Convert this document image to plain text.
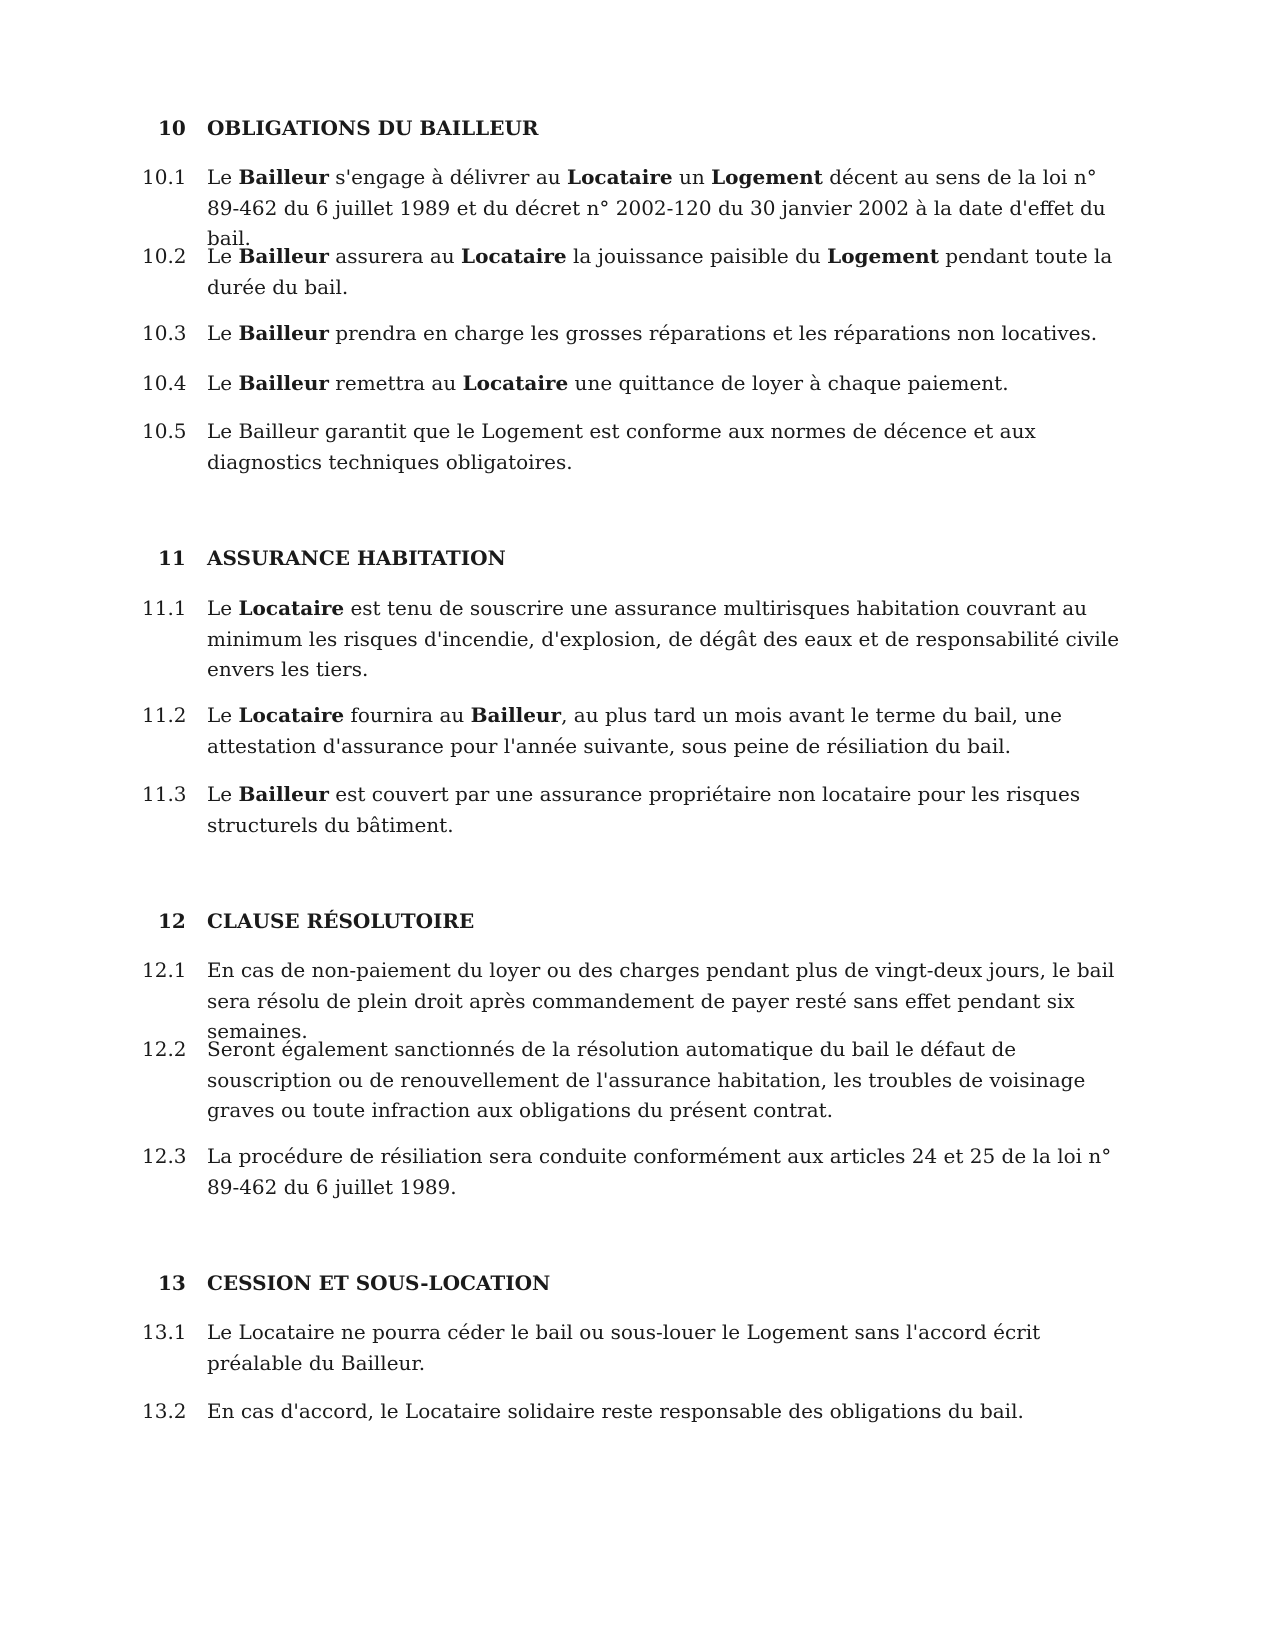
10	OBLIGATIONS DU BAILLEUR
10.1	Le Bailleur s'engage à délivrer au Locataire un Logement décent au sens de la loi n° 89-462 du 6 juillet 1989 et du décret n° 2002-120 du 30 janvier 2002 à la date d'effet du bail.
10.2	Le Bailleur assurera au Locataire la jouissance paisible du Logement pendant toute la durée du bail.
10.3	Le Bailleur prendra en charge les grosses réparations et les réparations non locatives.
10.4	Le Bailleur remettra au Locataire une quittance de loyer à chaque paiement.
10.5	Le Bailleur garantit que le Logement est conforme aux normes de décence et aux diagnostics techniques obligatoires.
11	ASSURANCE HABITATION
11.1	Le Locataire est tenu de souscrire une assurance multirisques habitation couvrant au minimum les risques d'incendie, d'explosion, de dégât des eaux et de responsabilité civile envers les tiers.
11.2	Le Locataire fournira au Bailleur, au plus tard un mois avant le terme du bail, une attestation d'assurance pour l'année suivante, sous peine de résiliation du bail.
11.3	Le Bailleur est couvert par une assurance propriétaire non locataire pour les risques structurels du bâtiment.
12	CLAUSE RÉSOLUTOIRE
12.1	En cas de non-paiement du loyer ou des charges pendant plus de vingt-deux jours, le bail sera résolu de plein droit après commandement de payer resté sans effet pendant six semaines.
12.2	Seront également sanctionnés de la résolution automatique du bail le défaut de souscription ou de renouvellement de l'assurance habitation, les troubles de voisinage graves ou toute infraction aux obligations du présent contrat.
12.3	La procédure de résiliation sera conduite conformément aux articles 24 et 25 de la loi n° 89-462 du 6 juillet 1989.
13	CESSION ET SOUS-LOCATION
13.1	Le Locataire ne pourra céder le bail ou sous-louer le Logement sans l'accord écrit préalable du Bailleur.
13.2	En cas d'accord, le Locataire solidaire reste responsable des obligations du bail.
